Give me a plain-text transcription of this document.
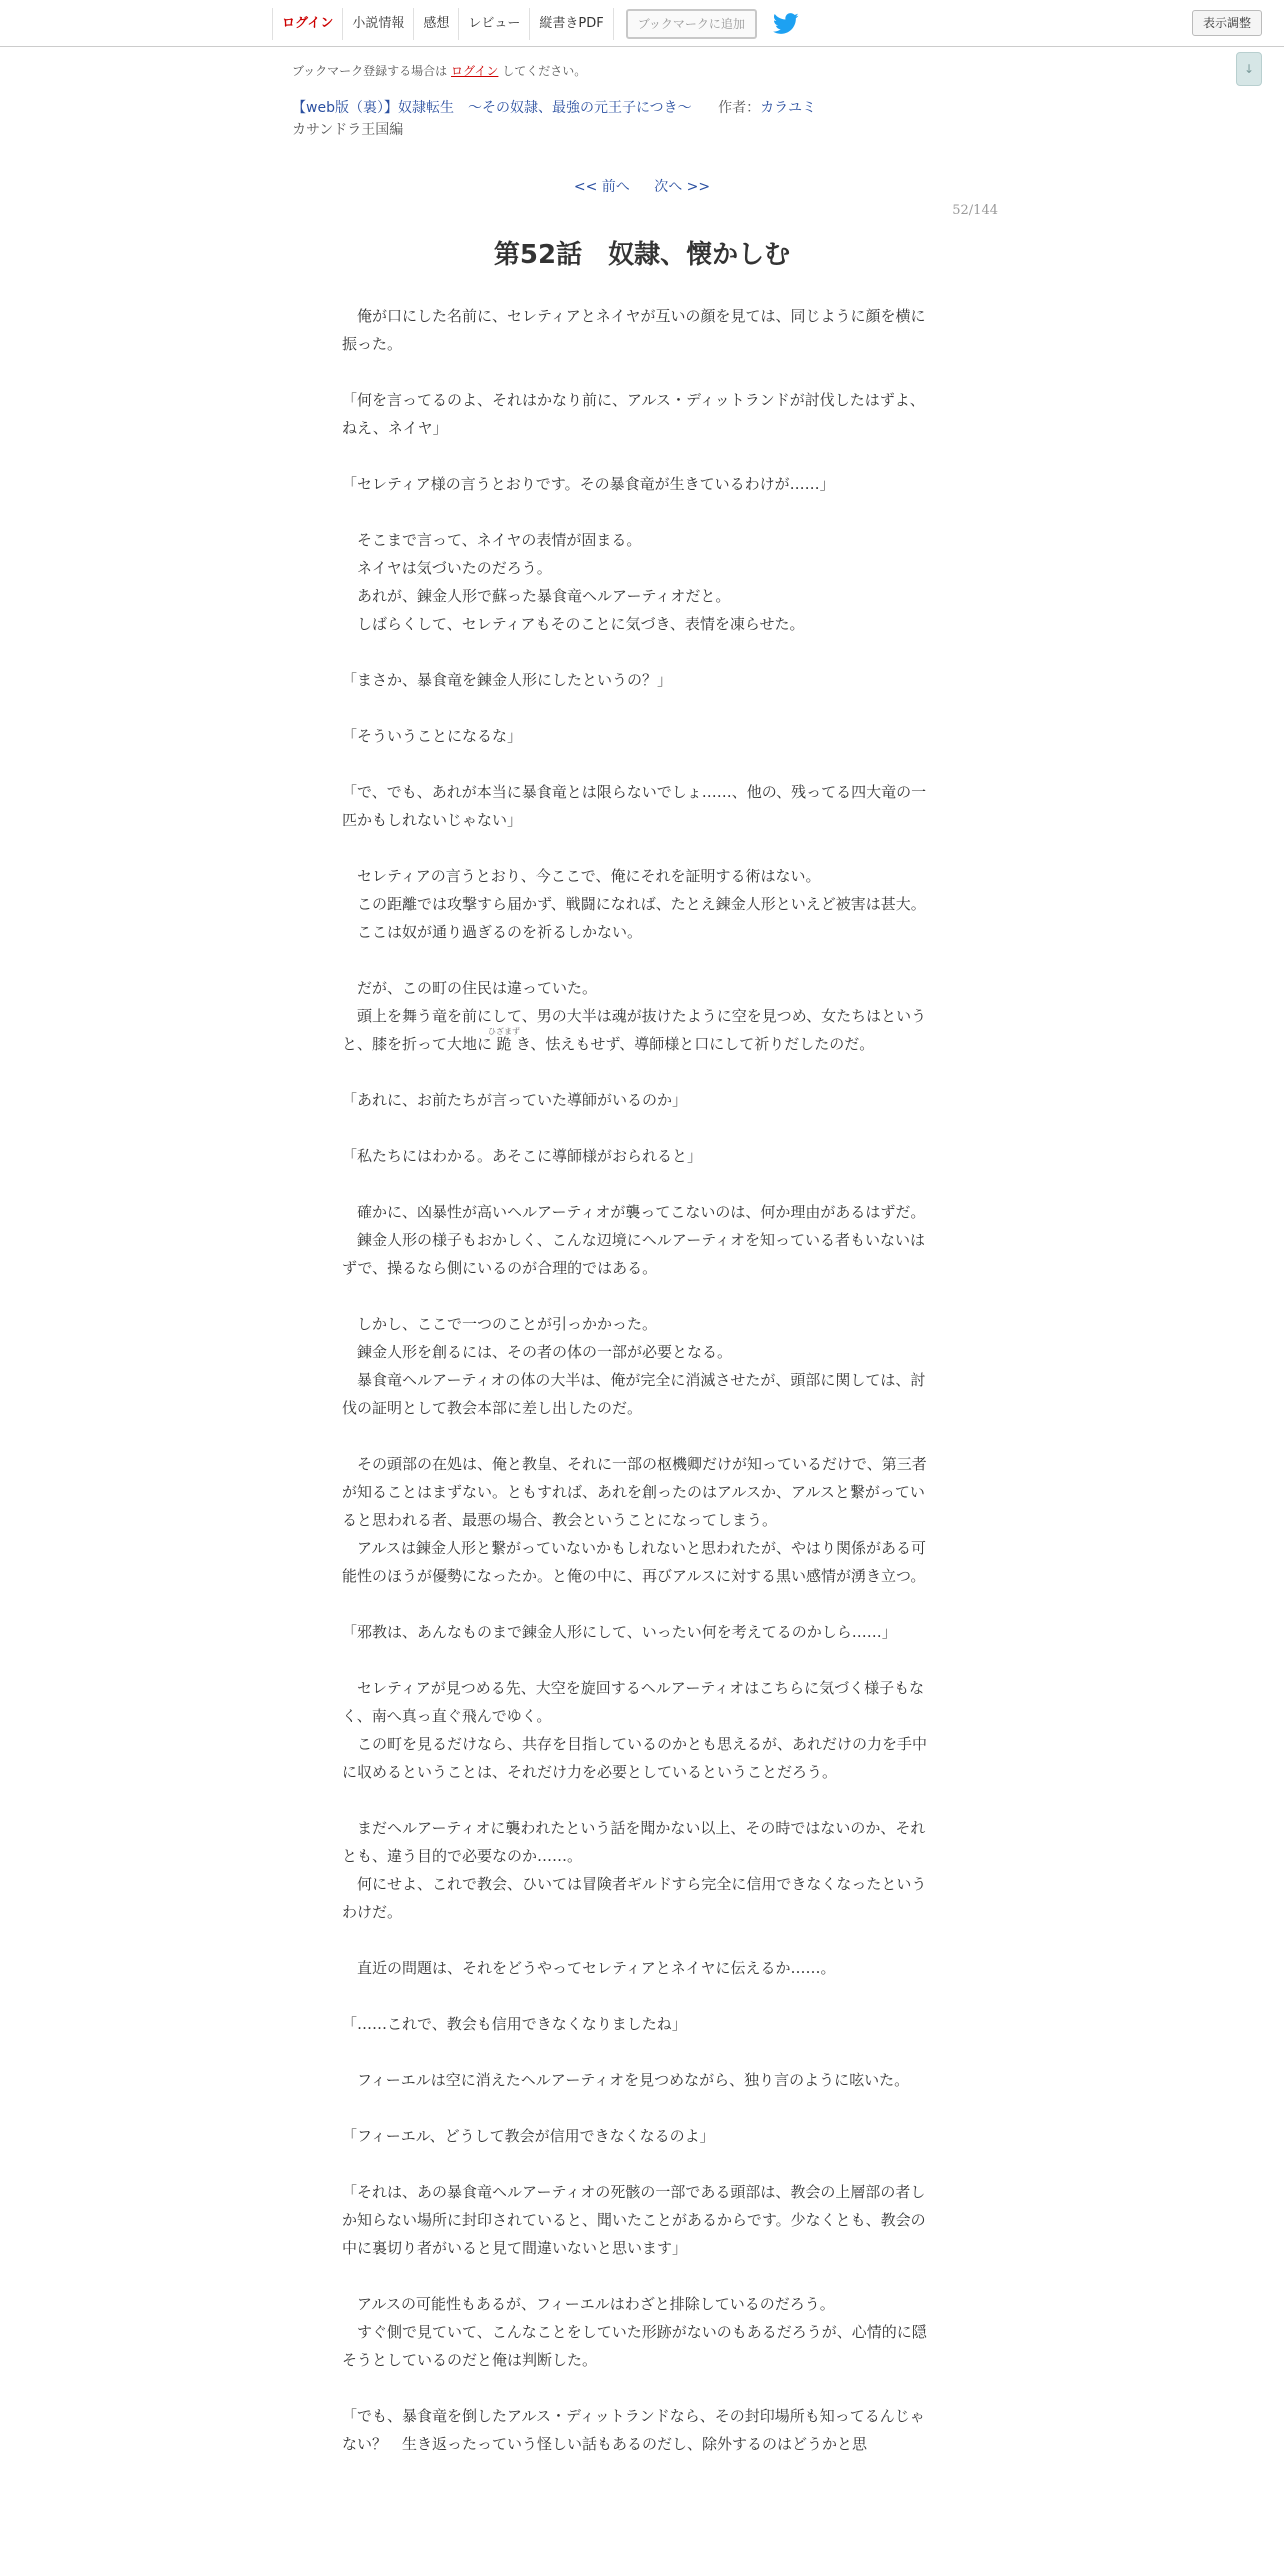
ログイン	小説情報	感想	レビュー	縦書きPDF	ブックマークに追加	表示調整
↓
ブックマーク登録する場合は ログイン してください。
【web版（裏）】奴隷転生　～その奴隷、最強の元王子につき～ 作者：カラユミ
カサンドラ王国編
<< 前へ 次へ >>
52/144
第52話　奴隷、懐かしむ

　俺が口にした名前に、セレティアとネイヤが互いの顔を見ては、同じように顔を横に振った。

「何を言ってるのよ、それはかなり前に、アルス・ディットランドが討伐したはずよ、ねえ、ネイヤ」

「セレティア様の言うとおりです。その暴食竜が生きているわけが……」

　そこまで言って、ネイヤの表情が固まる。

　ネイヤは気づいたのだろう。

　あれが、錬金人形で蘇った暴食竜ヘルアーティオだと。

　しばらくして、セレティアもそのことに気づき、表情を凍らせた。

「まさか、暴食竜を錬金人形にしたというの？」

「そういうことになるな」

「で、でも、あれが本当に暴食竜とは限らないでしょ……、他の、残ってる四大竜の一匹かもしれないじゃない」

　セレティアの言うとおり、今ここで、俺にそれを証明する術はない。

　この距離では攻撃すら届かず、戦闘になれば、たとえ錬金人形といえど被害は甚大。

　ここは奴が通り過ぎるのを祈るしかない。

　だが、この町の住民は違っていた。

　頭上を舞う竜を前にして、男の大半は魂が抜けたように空を見つめ、女たちはというと、膝を折って大地に跪ひざまずき、怯えもせず、導師様と口にして祈りだしたのだ。

「あれに、お前たちが言っていた導師がいるのか」

「私たちにはわかる。あそこに導師様がおられると」

　確かに、凶暴性が高いヘルアーティオが襲ってこないのは、何か理由があるはずだ。

　錬金人形の様子もおかしく、こんな辺境にヘルアーティオを知っている者もいないはずで、操るなら側にいるのが合理的ではある。

　しかし、ここで一つのことが引っかかった。

　錬金人形を創るには、その者の体の一部が必要となる。

　暴食竜ヘルアーティオの体の大半は、俺が完全に消滅させたが、頭部に関しては、討伐の証明として教会本部に差し出したのだ。

　その頭部の在処は、俺と教皇、それに一部の枢機卿だけが知っているだけで、第三者が知ることはまずない。ともすれば、あれを創ったのはアルスか、アルスと繋がっていると思われる者、最悪の場合、教会ということになってしまう。

　アルスは錬金人形と繋がっていないかもしれないと思われたが、やはり関係がある可能性のほうが優勢になったか。と俺の中に、再びアルスに対する黒い感情が湧き立つ。

「邪教は、あんなものまで錬金人形にして、いったい何を考えてるのかしら……」

　セレティアが見つめる先、大空を旋回するヘルアーティオはこちらに気づく様子もなく、南へ真っ直ぐ飛んでゆく。

　この町を見るだけなら、共存を目指しているのかとも思えるが、あれだけの力を手中に収めるということは、それだけ力を必要としているということだろう。

　まだヘルアーティオに襲われたという話を聞かない以上、その時ではないのか、それとも、違う目的で必要なのか……。

　何にせよ、これで教会、ひいては冒険者ギルドすら完全に信用できなくなったというわけだ。

　直近の問題は、それをどうやってセレティアとネイヤに伝えるか……。

「……これで、教会も信用できなくなりましたね」

　フィーエルは空に消えたヘルアーティオを見つめながら、独り言のように呟いた。

「フィーエル、どうして教会が信用できなくなるのよ」

「それは、あの暴食竜ヘルアーティオの死骸の一部である頭部は、教会の上層部の者しか知らない場所に封印されていると、聞いたことがあるからです。少なくとも、教会の中に裏切り者がいると見て間違いないと思います」

　アルスの可能性もあるが、フィーエルはわざと排除しているのだろう。

　すぐ側で見ていて、こんなことをしていた形跡がないのもあるだろうが、心情的に隠そうとしているのだと俺は判断した。

「でも、暴食竜を倒したアルス・ディットランドなら、その封印場所も知ってるんじゃない？　生き返ったっていう怪しい話もあるのだし、除外するのはどうかと思
